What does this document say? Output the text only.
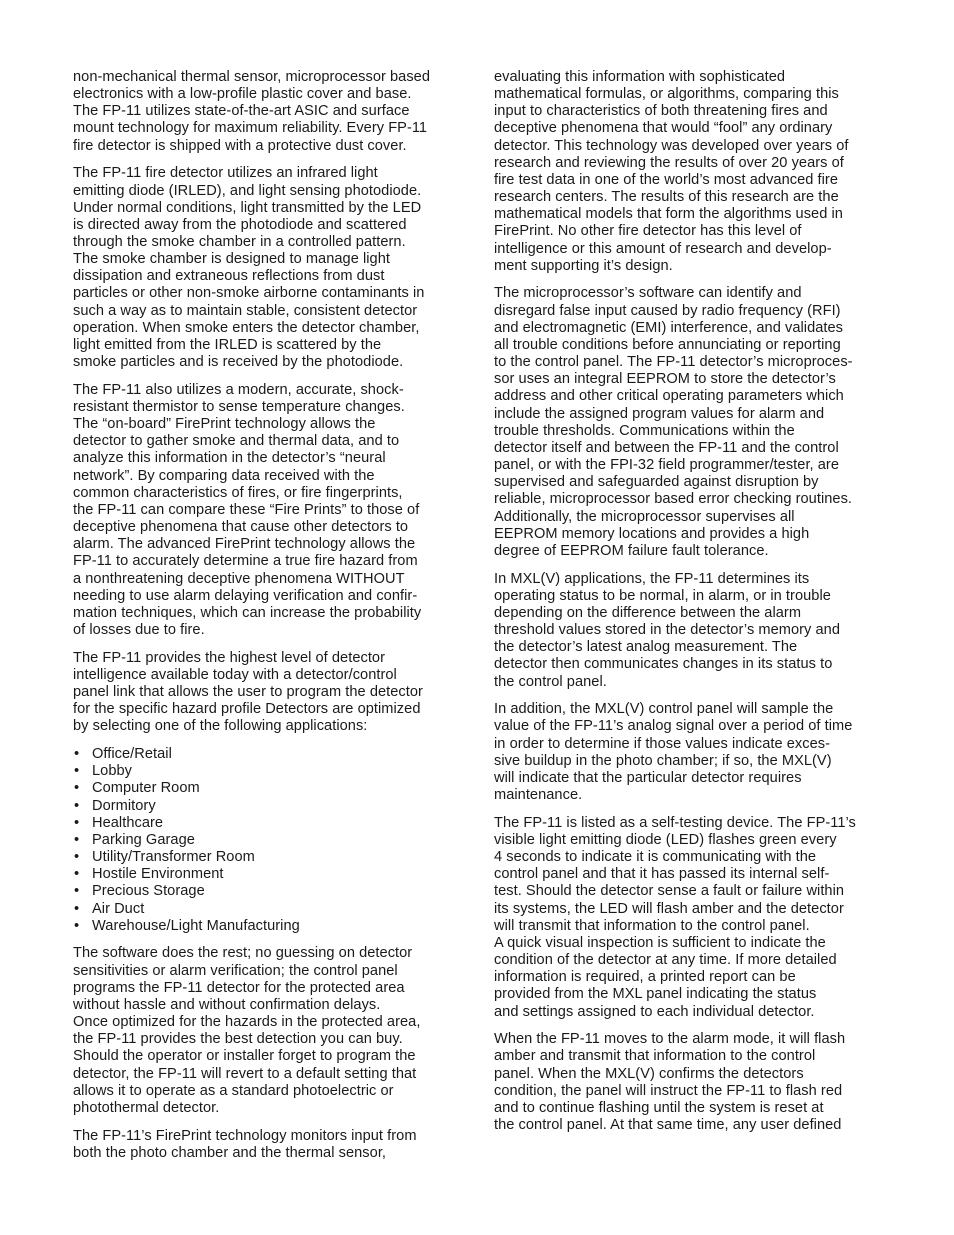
non-mechanical thermal sensor, microprocessor based
electronics with a low-profile plastic cover and base.
The FP-11 utilizes state-of-the-art ASIC and surface
mount technology for maximum reliability. Every FP-11
fire detector is shipped with a protective dust cover.
The FP-11 fire detector utilizes an infrared light
emitting diode (IRLED), and light sensing photodiode.
Under normal conditions, light transmitted by the LED
is directed away from the photodiode and scattered
through the smoke chamber in a controlled pattern.
The smoke chamber is designed to manage light
dissipation and extraneous reflections from dust
particles or other non-smoke airborne contaminants in
such a way as to maintain stable, consistent detector
operation. When smoke enters the detector chamber,
light emitted from the IRLED is scattered by the
smoke particles and is received by the photodiode.
The FP-11 also utilizes a modern, accurate, shock-
resistant thermistor to sense temperature changes.
The “on-board” FirePrint technology allows the
detector to gather smoke and thermal data, and to
analyze this information in the detector’s “neural
network”. By comparing data received with the
common characteristics of fires, or fire fingerprints,
the FP-11 can compare these “Fire Prints” to those of
deceptive phenomena that cause other detectors to
alarm. The advanced FirePrint technology allows the
FP-11 to accurately determine a true fire hazard from
a nonthreatening deceptive phenomena WITHOUT
needing to use alarm delaying verification and confir-
mation techniques, which can increase the probability
of losses due to fire.
The FP-11 provides the highest level of detector
intelligence available today with a detector/control
panel link that allows the user to program the detector
for the specific hazard profile Detectors are optimized
by selecting one of the following applications:
• Office/Retail
• Lobby
• Computer Room
• Dormitory
• Healthcare
• Parking Garage
• Utility/Transformer Room
• Hostile Environment
• Precious Storage
• Air Duct
• Warehouse/Light Manufacturing
The software does the rest; no guessing on detector
sensitivities or alarm verification; the control panel
programs the FP-11 detector for the protected area
without hassle and without confirmation delays.
Once optimized for the hazards in the protected area,
the FP-11 provides the best detection you can buy.
Should the operator or installer forget to program the
detector, the FP-11 will revert to a default setting that
allows it to operate as a standard photoelectric or
photothermal detector.
The FP-11’s FirePrint technology monitors input from
both the photo chamber and the thermal sensor,
evaluating this information with sophisticated
mathematical formulas, or algorithms, comparing this
input to characteristics of both threatening fires and
deceptive phenomena that would “fool” any ordinary
detector. This technology was developed over years of
research and reviewing the results of over 20 years of
fire test data in one of the world’s most advanced fire
research centers. The results of this research are the
mathematical models that form the algorithms used in
FirePrint. No other fire detector has this level of
intelligence or this amount of research and develop-
ment supporting it’s design.
The microprocessor’s software can identify and
disregard false input caused by radio frequency (RFI)
and electromagnetic (EMI) interference, and validates
all trouble conditions before annunciating or reporting
to the control panel. The FP-11 detector’s microproces-
sor uses an integral EEPROM to store the detector’s
address and other critical operating parameters which
include the assigned program values for alarm and
trouble thresholds. Communications within the
detector itself and between the FP-11 and the control
panel, or with the FPI-32 field programmer/tester, are
supervised and safeguarded against disruption by
reliable, microprocessor based error checking routines.
Additionally, the microprocessor supervises all
EEPROM memory locations and provides a high
degree of EEPROM failure fault tolerance.
In MXL(V) applications, the FP-11 determines its
operating status to be normal, in alarm, or in trouble
depending on the difference between the alarm
threshold values stored in the detector’s memory and
the detector’s latest analog measurement. The
detector then communicates changes in its status to
the control panel.
In addition, the MXL(V) control panel will sample the
value of the FP-11’s analog signal over a period of time
in order to determine if those values indicate exces-
sive buildup in the photo chamber; if so, the MXL(V)
will indicate that the particular detector requires
maintenance.
The FP-11 is listed as a self-testing device. The FP-11’s
visible light emitting diode (LED) flashes green every
4 seconds to indicate it is communicating with the
control panel and that it has passed its internal self-
test. Should the detector sense a fault or failure within
its systems, the LED will flash amber and the detector
will transmit that information to the control panel.
A quick visual inspection is sufficient to indicate the
condition of the detector at any time. If more detailed
information is required, a printed report can be
provided from the MXL panel indicating the status
and settings assigned to each individual detector.
When the FP-11 moves to the alarm mode, it will flash
amber and transmit that information to the control
panel. When the MXL(V) confirms the detectors
condition, the panel will instruct the FP-11 to flash red
and to continue flashing until the system is reset at
the control panel. At that same time, any user defined
